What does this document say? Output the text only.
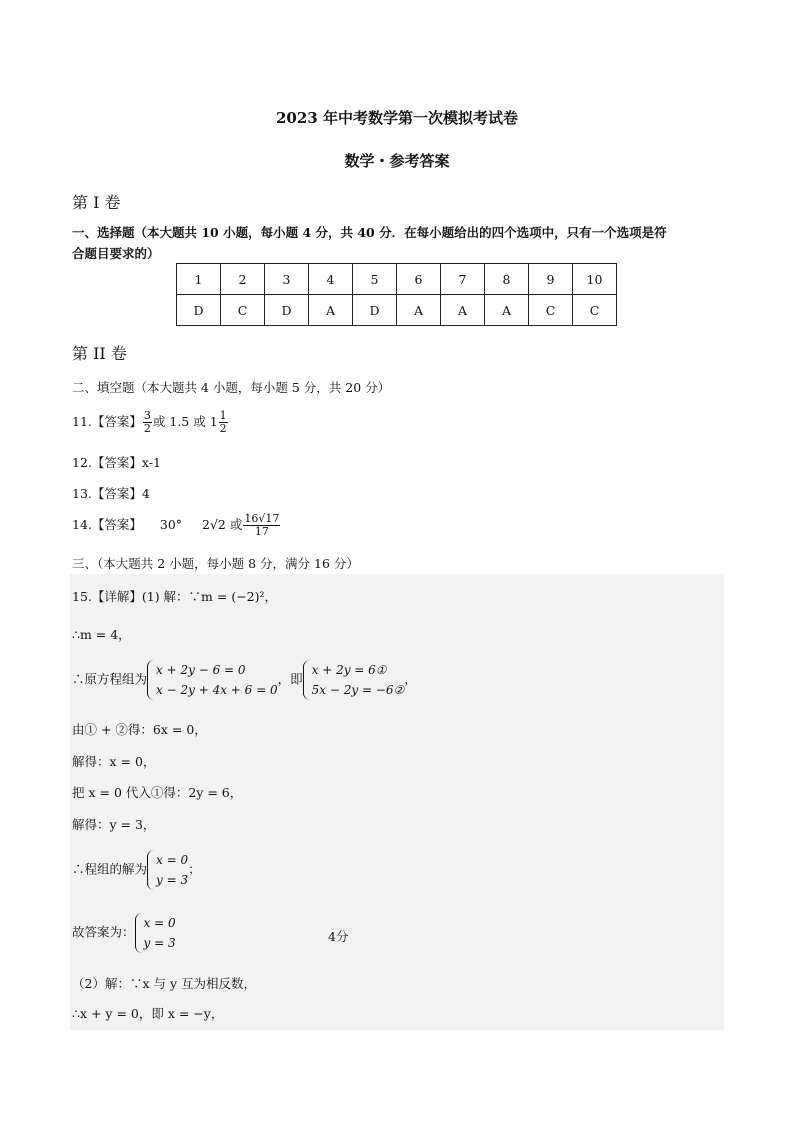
2023 年中考数学第一次模拟考试卷
数学・参考答案
第 I 卷
一、选择题（本大题共 10 小题，每小题 4 分，共 40 分．在每小题给出的四个选项中，只有一个选项是符
合题目要求的）
1	2	3	4	5	6	7	8	9	10
D	C	D	A	D	A	A	A	C	C
第 II 卷
二、填空题（本大题共 4 小题，每小题 5 分，共 20 分）
11.【答案】 $\frac{3}{2}$ 或 1.5 或 $1 \frac{1}{2}$
12.【答案】x-1
13.【答案】4
14.【答案】 30° 2√2 或 $\frac{16√17}{17}$
三、（本大题共 2 小题，每小题 8 分，满分 16 分）
15.【详解】(1) 解：∵m = (−2)²，
∴m = 4，
∴原方程组为
x + 2y − 6 = 0
x − 2y + 4x + 6 = 0
，即
x + 2y = 6①
5x − 2y = −6②
，
由① + ②得：6x = 0，
解得：x = 0，
把 x = 0 代入①得：2y = 6，
解得：y = 3，
∴程组的解为
x = 0
y = 3
；
故答案为：
x = 0
y = 3	4分
（2）解：∵x 与 y 互为相反数，
∴x + y = 0，即 x = −y，
